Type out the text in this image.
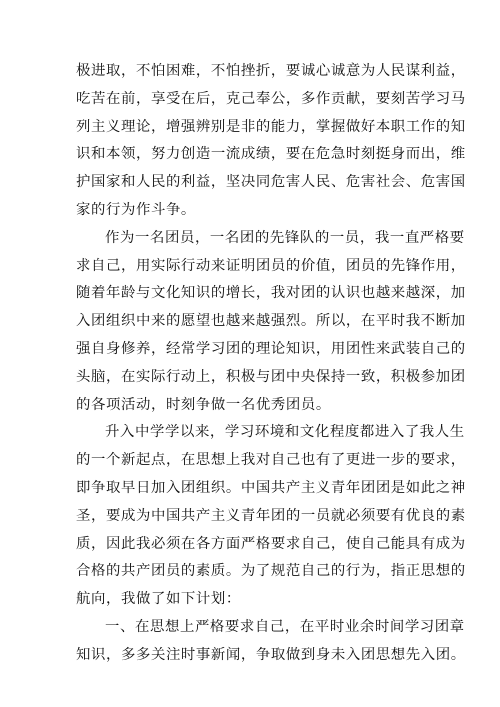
极进取，不怕困难，不怕挫折，要诚心诚意为人民谋利益，
吃苦在前，享受在后，克己奉公，多作贡献，要刻苦学习马
列主义理论，增强辨别是非的能力，掌握做好本职工作的知
识和本领，努力创造一流成绩，要在危急时刻挺身而出，维
护国家和人民的利益，坚决同危害人民、危害社会、危害国
家的行为作斗争。
作为一名团员，一名团的先锋队的一员，我一直严格要
求自己，用实际行动来证明团员的价值，团员的先锋作用，
随着年龄与文化知识的增长，我对团的认识也越来越深，加
入团组织中来的愿望也越来越强烈。所以，在平时我不断加
强自身修养，经常学习团的理论知识，用团性来武装自己的
头脑，在实际行动上，积极与团中央保持一致，积极参加团
的各项活动，时刻争做一名优秀团员。
升入中学学以来，学习环境和文化程度都进入了我人生
的一个新起点，在思想上我对自己也有了更进一步的要求，
即争取早日加入团组织。中国共产主义青年团团是如此之神
圣，要成为中国共产主义青年团的一员就必须要有优良的素
质，因此我必须在各方面严格要求自己，使自己能具有成为
合格的共产团员的素质。为了规范自己的行为，指正思想的
航向，我做了如下计划：
一、在思想上严格要求自己，在平时业余时间学习团章
知识，多多关注时事新闻，争取做到身未入团思想先入团。
